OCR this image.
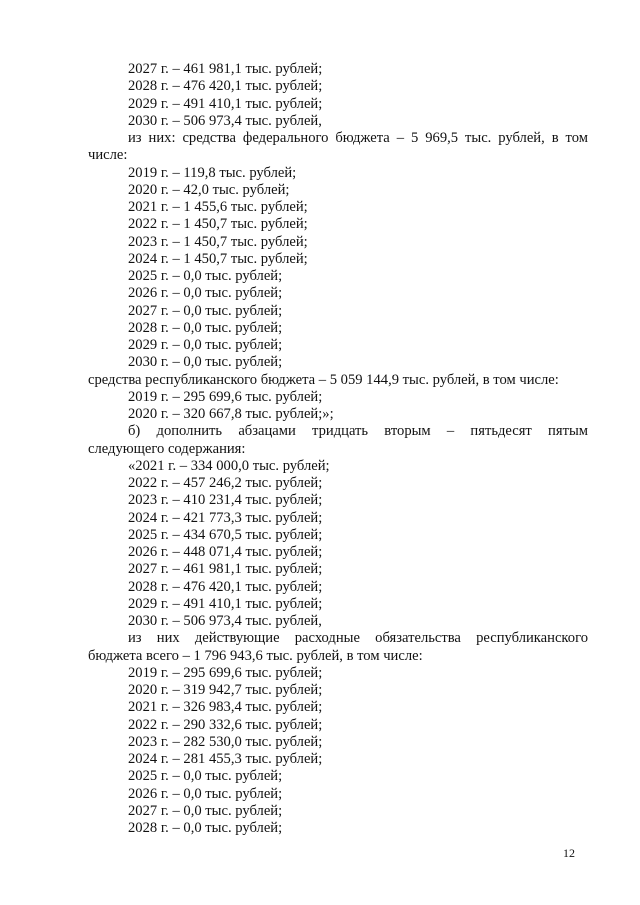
2027 г. – 461 981,1 тыс. рублей;
2028 г. – 476 420,1 тыс. рублей;
2029 г. – 491 410,1 тыс. рублей;
2030 г. – 506 973,4 тыс. рублей,
из них: средства федерального бюджета – 5 969,5 тыс. рублей, в том
числе:
2019 г. – 119,8 тыс. рублей;
2020 г. – 42,0 тыс. рублей;
2021 г. – 1 455,6 тыс. рублей;
2022 г. – 1 450,7 тыс. рублей;
2023 г. – 1 450,7 тыс. рублей;
2024 г. – 1 450,7 тыс. рублей;
2025 г. – 0,0 тыс. рублей;
2026 г. – 0,0 тыс. рублей;
2027 г. – 0,0 тыс. рублей;
2028 г. – 0,0 тыс. рублей;
2029 г. – 0,0 тыс. рублей;
2030 г. – 0,0 тыс. рублей;
средства республиканского бюджета – 5 059 144,9 тыс. рублей, в том числе:
2019 г. – 295 699,6 тыс. рублей;
2020 г. – 320 667,8 тыс. рублей;»;
б) дополнить абзацами тридцать вторым – пятьдесят пятым
следующего содержания:
«2021 г. – 334 000,0 тыс. рублей;
2022 г. – 457 246,2 тыс. рублей;
2023 г. – 410 231,4 тыс. рублей;
2024 г. – 421 773,3 тыс. рублей;
2025 г. – 434 670,5 тыс. рублей;
2026 г. – 448 071,4 тыс. рублей;
2027 г. – 461 981,1 тыс. рублей;
2028 г. – 476 420,1 тыс. рублей;
2029 г. – 491 410,1 тыс. рублей;
2030 г. – 506 973,4 тыс. рублей,
из них действующие расходные обязательства республиканского
бюджета всего – 1 796 943,6 тыс. рублей, в том числе:
2019 г. – 295 699,6 тыс. рублей;
2020 г. – 319 942,7 тыс. рублей;
2021 г. – 326 983,4 тыс. рублей;
2022 г. – 290 332,6 тыс. рублей;
2023 г. – 282 530,0 тыс. рублей;
2024 г. – 281 455,3 тыс. рублей;
2025 г. – 0,0 тыс. рублей;
2026 г. – 0,0 тыс. рублей;
2027 г. – 0,0 тыс. рублей;
2028 г. – 0,0 тыс. рублей;
12
